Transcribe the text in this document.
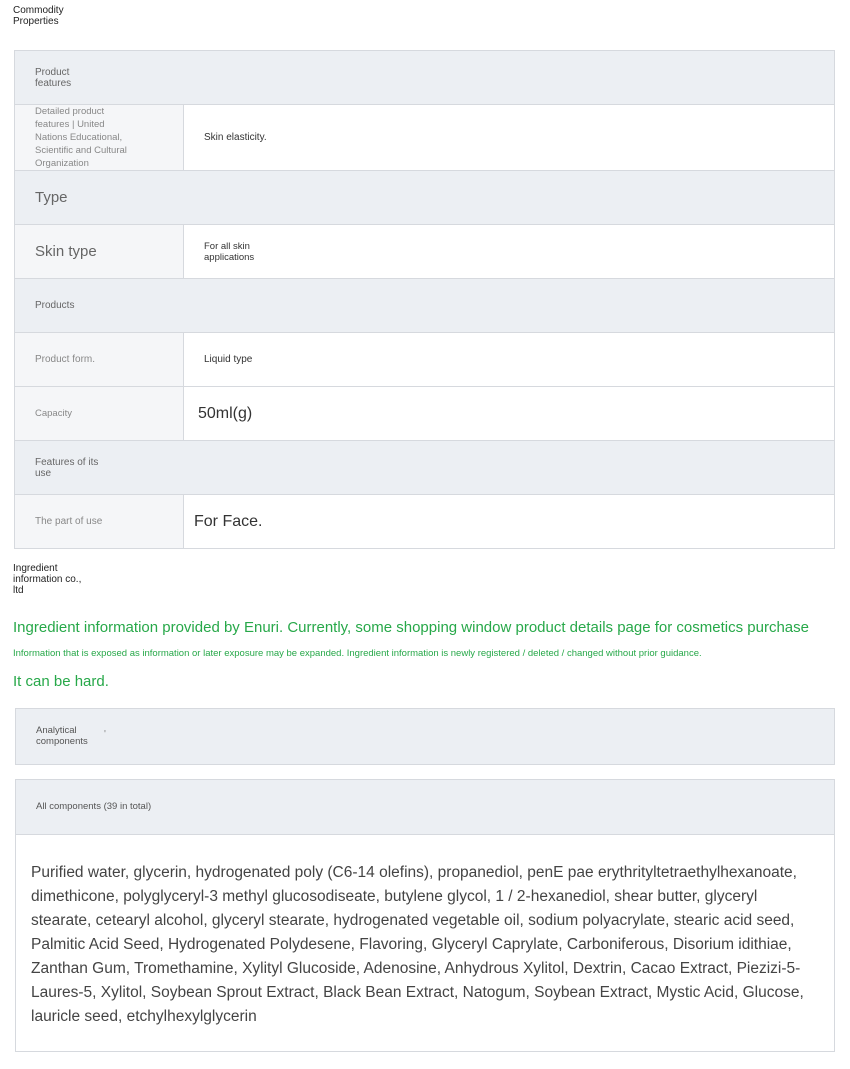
Commodity Properties
Product features	

Detailed product features | United Nations Educational, Scientific and Cultural Organization	Skin elasticity.
Type	
Skin type	For all skin applications

Products	

Product form.	Liquid type
Capacity	50ml(g)

Features of its use	

The part of use	For Face.
Ingredient information co., ltd
Ingredient information provided by Enuri. Currently, some shopping window product details page for cosmetics purchase
Information that is exposed as information or later exposure may be expanded. Ingredient information is newly registered / deleted / changed without prior guidance.
It can be hard.
Analytical components
'
All components (39 in total)
Purified water, glycerin, hydrogenated poly (C6-14 olefins), propanediol, penE pae erythrityltetraethylhexanoate, dimethicone, polyglyceryl-3 methyl glucosodiseate, butylene glycol, 1 / 2-hexanediol, shear butter, glyceryl stearate, cetearyl alcohol, glyceryl stearate, hydrogenated vegetable oil, sodium polyacrylate, stearic acid seed, Palmitic Acid Seed, Hydrogenated Polydesene, Flavoring, Glyceryl Caprylate, Carboniferous, Disorium idithiae, Zanthan Gum, Tromethamine, Xylityl Glucoside, Adenosine, Anhydrous Xylitol, Dextrin, Cacao Extract, Piezizi-5-Laures-5, Xylitol, Soybean Sprout Extract, Black Bean Extract, Natogum, Soybean Extract, Mystic Acid, Glucose, lauricle seed, etchylhexylglycerin
